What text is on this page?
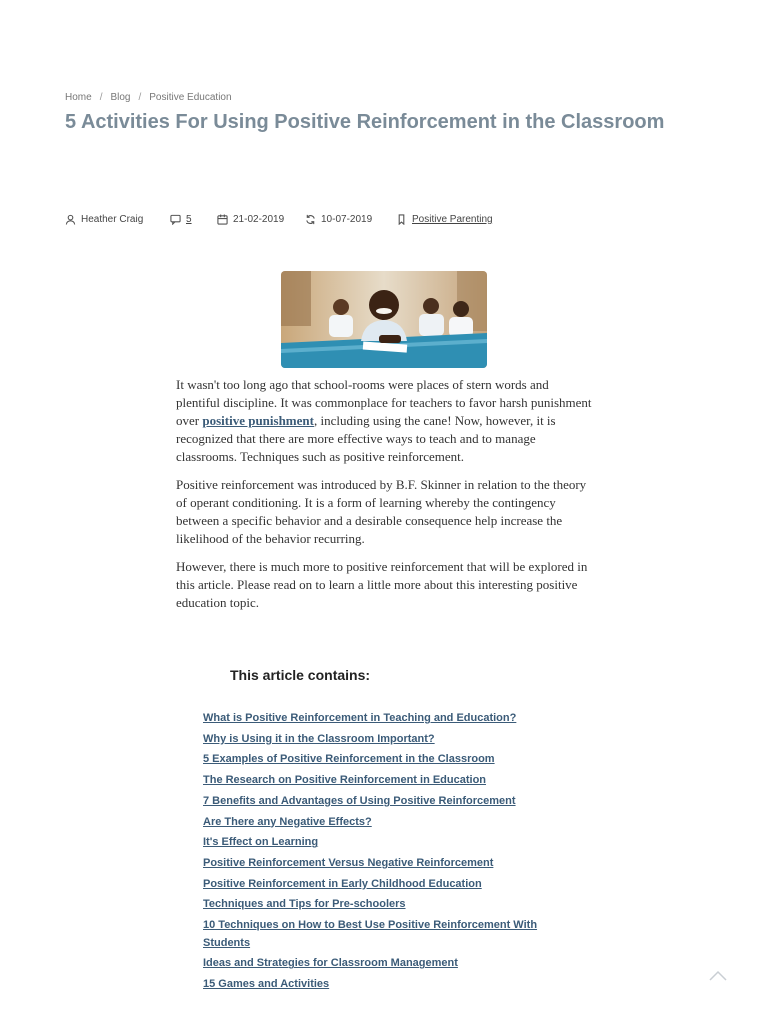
Home / Blog / Positive Education
5 Activities For Using Positive Reinforcement in the Classroom
Heather Craig	5	21-02-2019	10-07-2019	Positive Parenting

It wasn't too long ago that school-rooms were places of stern words and plentiful discipline. It was commonplace for teachers to favor harsh punishment over positive punishment, including using the cane! Now, however, it is recognized that there are more effective ways to teach and to manage classrooms. Techniques such as positive reinforcement.

Positive reinforcement was introduced by B.F. Skinner in relation to the theory of operant conditioning. It is a form of learning whereby the contingency between a specific behavior and a desirable consequence help increase the likelihood of the behavior recurring.

However, there is much more to positive reinforcement that will be explored in this article. Please read on to learn a little more about this interesting positive education topic.

This article contains:
What is Positive Reinforcement in Teaching and Education?
Why is Using it in the Classroom Important?
5 Examples of Positive Reinforcement in the Classroom
The Research on Positive Reinforcement in Education
7 Benefits and Advantages of Using Positive Reinforcement
Are There any Negative Effects?
It's Effect on Learning
Positive Reinforcement Versus Negative Reinforcement
Positive Reinforcement in Early Childhood Education
Techniques and Tips for Pre-schoolers
10 Techniques on How to Best Use Positive Reinforcement With Students
Ideas and Strategies for Classroom Management
15 Games and Activities
